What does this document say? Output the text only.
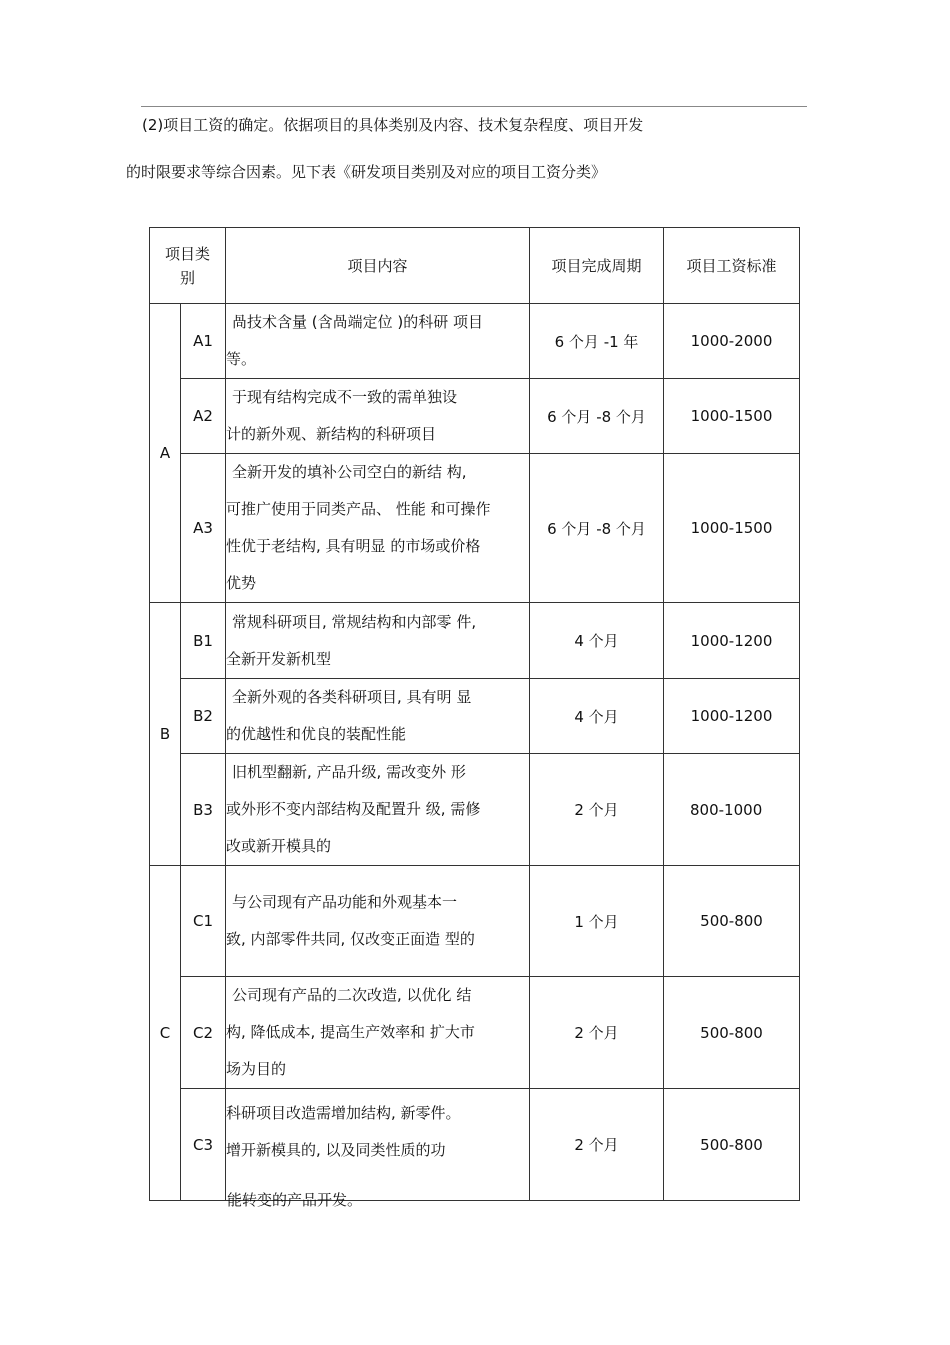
(2)项目工资的确定。依据项目的具体类别及内容、技术复杂程度、项目开发
的时限要求等综合因素。见下表《研发项目类别及对应的项目工资分类》
项目类
别		项目内容	项目完成周期	项目工资标准
A	A1	咼技术含量 (含咼端定位 )的科研 项目
等。	6 个月 -1 年	1000-2000
	A2	于现有结构完成不一致的需单独设
计的新外观、新结构的科研项目	6 个月 -8 个月	1000-1500
	A3	全新开发的填补公司空白的新结 构,
可推广使用于同类产品、 性能 和可操作
性优于老结构, 具有明显 的市场或价格
优势	6 个月 -8 个月	1000-1500
B	B1	常规科研项目, 常规结构和内部零 件,
全新开发新机型	4 个月	1000-1200
	B2	全新外观的各类科研项目, 具有明 显
的优越性和优良的装配性能	4 个月	1000-1200
	B3	旧机型翻新, 产品升级, 需改变外 形
或外形不变内部结构及配置升 级, 需修
改或新开模具的	2 个月	800-1000
C	C1	与公司现有产品功能和外观基本一
致, 内部零件共同, 仅改变正面造 型的	1 个月	500-800
	C2	公司现有产品的二次改造, 以优化 结
构, 降低成本, 提高生产效率和 扩大市
场为目的	2 个月	500-800
	C3	科研项目改造需增加结构, 新零件。
增开新模具的, 以及同类性质的功	2 个月	500-800
能转变的产品开发。
